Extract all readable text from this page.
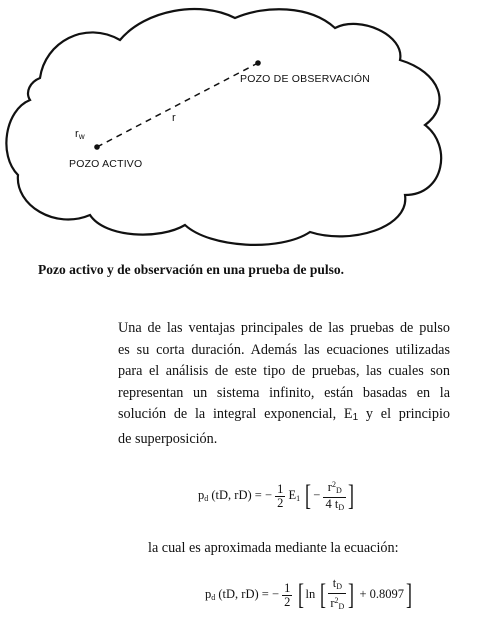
POZO DE OBSERVACIÓN
POZO ACTIVO
$r_w$
r
Pozo activo y de observación en una prueba de pulso.
Una de las ventajas principales de las pruebas de pulso
es su corta duración. Además las ecuaciones utilizadas
para el análisis de este tipo de pruebas, las cuales son
representan un sistema infinito, están basadas en la
solución de la integral exponencial, E1 y el principio
de superposición.
$p_d$ (tD, rD) = − $\frac{1}{2} E_1$ [ − $\frac{r^2_D}{4 t_D}$ ]
la cual es aproximada mediante la ecuación:
$p_d$ (tD, rD) = − $\frac{1}{2}$ [ ln [ $\frac{t_D}{r^2_D}$ ] + 0.8097]
